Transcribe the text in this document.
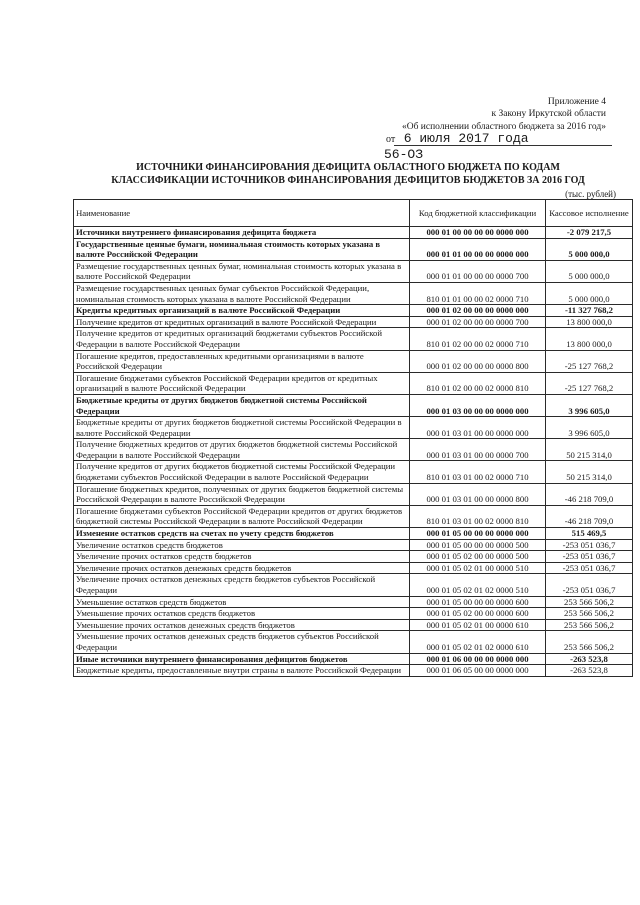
Приложение 4
к Закону Иркутской области
«Об исполнении областного бюджета за 2016 год»
от 6 июля 2017 года
56-ОЗ
ИСТОЧНИКИ ФИНАНСИРОВАНИЯ ДЕФИЦИТА ОБЛАСТНОГО БЮДЖЕТА ПО КОДАМ
КЛАССИФИКАЦИИ ИСТОЧНИКОВ ФИНАНСИРОВАНИЯ ДЕФИЦИТОВ БЮДЖЕТОВ ЗА 2016 ГОД
(тыс. рублей)
Наименование	Код бюджетной классификации	Кассовое исполнение
Источники внутреннего финансирования дефицита бюджета	000 01 00 00 00 00 0000 000	-2 079 217,5
Государственные ценные бумаги, номинальная стоимость которых указана в валюте Российской Федерации	000 01 01 00 00 00 0000 000	5 000 000,0
Размещение государственных ценных бумаг, номинальная стоимость которых указана в валюте Российской Федерации	000 01 01 00 00 00 0000 700	5 000 000,0
Размещение государственных ценных бумаг субъектов Российской Федерации, номинальная стоимость которых указана в валюте Российской Федерации	810 01 01 00 00 02 0000 710	5 000 000,0
Кредиты кредитных организаций в валюте Российской Федерации	000 01 02 00 00 00 0000 000	-11 327 768,2
Получение кредитов от кредитных организаций в валюте Российской Федерации	000 01 02 00 00 00 0000 700	13 800 000,0
Получение кредитов от кредитных организаций бюджетами субъектов Российской Федерации в валюте Российской Федерации	810 01 02 00 00 02 0000 710	13 800 000,0
Погашение кредитов, предоставленных кредитными организациями в валюте Российской Федерации	000 01 02 00 00 00 0000 800	-25 127 768,2
Погашение бюджетами субъектов Российской Федерации кредитов от кредитных организаций в валюте Российской Федерации	810 01 02 00 00 02 0000 810	-25 127 768,2
Бюджетные кредиты от других бюджетов бюджетной системы Российской Федерации	000 01 03 00 00 00 0000 000	3 996 605,0
Бюджетные кредиты от других бюджетов бюджетной системы Российской Федерации в валюте Российской Федерации	000 01 03 01 00 00 0000 000	3 996 605,0
Получение бюджетных кредитов от других бюджетов бюджетной системы Российской Федерации в валюте Российской Федерации	000 01 03 01 00 00 0000 700	50 215 314,0
Получение кредитов от других бюджетов бюджетной системы Российской Федерации бюджетами субъектов Российской Федерации в валюте Российской Федерации	810 01 03 01 00 02 0000 710	50 215 314,0
Погашение бюджетных кредитов, полученных от других бюджетов бюджетной системы Российской Федерации в валюте Российской Федерации	000 01 03 01 00 00 0000 800	-46 218 709,0
Погашение бюджетами субъектов Российской Федерации кредитов от других бюджетов бюджетной системы Российской Федерации в валюте Российской Федерации	810 01 03 01 00 02 0000 810	-46 218 709,0
Изменение остатков средств на счетах по учету средств бюджетов	000 01 05 00 00 00 0000 000	515 469,5
Увеличение остатков средств бюджетов	000 01 05 00 00 00 0000 500	-253 051 036,7
Увеличение прочих остатков средств бюджетов	000 01 05 02 00 00 0000 500	-253 051 036,7
Увеличение прочих остатков денежных средств бюджетов	000 01 05 02 01 00 0000 510	-253 051 036,7
Увеличение прочих остатков денежных средств бюджетов субъектов Российской Федерации	000 01 05 02 01 02 0000 510	-253 051 036,7
Уменьшение остатков средств бюджетов	000 01 05 00 00 00 0000 600	253 566 506,2
Уменьшение прочих остатков средств бюджетов	000 01 05 02 00 00 0000 600	253 566 506,2
Уменьшение прочих остатков денежных средств бюджетов	000 01 05 02 01 00 0000 610	253 566 506,2
Уменьшение прочих остатков денежных средств бюджетов субъектов Российской Федерации	000 01 05 02 01 02 0000 610	253 566 506,2
Иные источники внутреннего финансирования дефицитов бюджетов	000 01 06 00 00 00 0000 000	-263 523,8
Бюджетные кредиты, предоставленные внутри страны в валюте Российской Федерации	000 01 06 05 00 00 0000 000	-263 523,8
